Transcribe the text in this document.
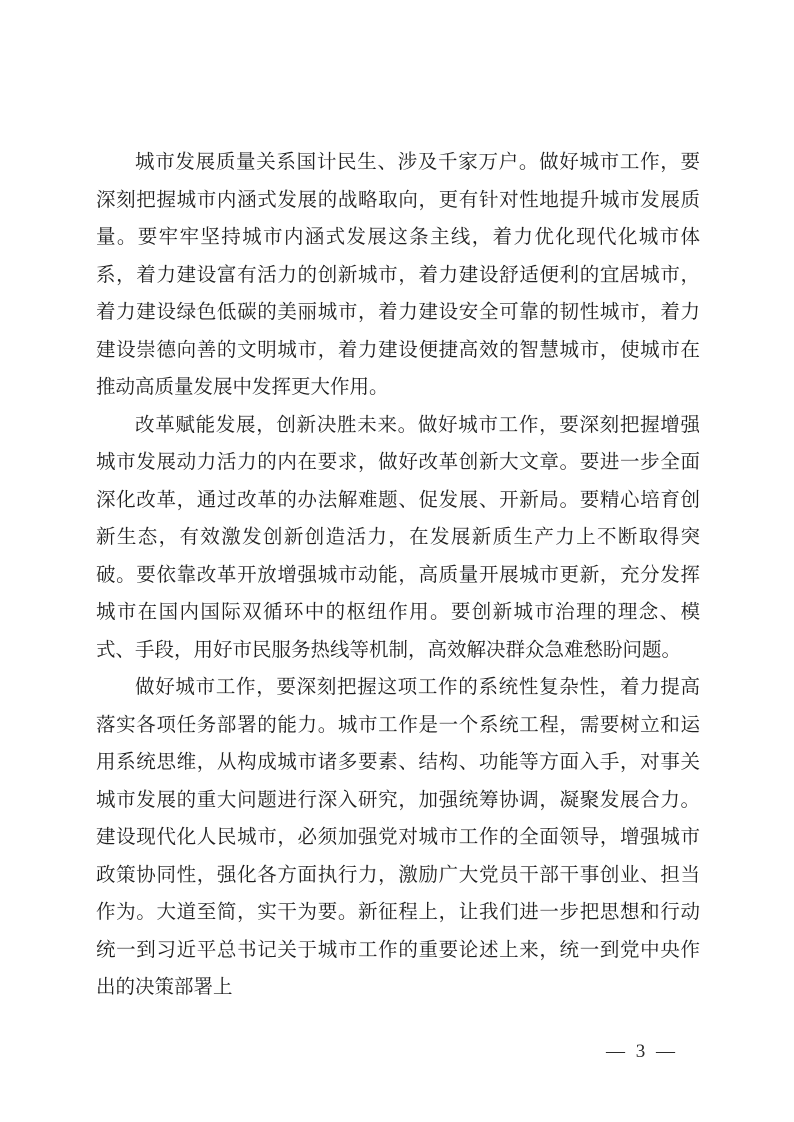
城市发展质量关系国计民生、涉及千家万户。做好城市工作，要深刻把握城市内涵式发展的战略取向，更有针对性地提升城市发展质量。要牢牢坚持城市内涵式发展这条主线，着力优化现代化城市体系，着力建设富有活力的创新城市，着力建设舒适便利的宜居城市，着力建设绿色低碳的美丽城市，着力建设安全可靠的韧性城市，着力建设崇德向善的文明城市，着力建设便捷高效的智慧城市，使城市在推动高质量发展中发挥更大作用。

改革赋能发展，创新决胜未来。做好城市工作，要深刻把握增强城市发展动力活力的内在要求，做好改革创新大文章。要进一步全面深化改革，通过改革的办法解难题、促发展、开新局。要精心培育创新生态，有效激发创新创造活力，在发展新质生产力上不断取得突破。要依靠改革开放增强城市动能，高质量开展城市更新，充分发挥城市在国内国际双循环中的枢纽作用。要创新城市治理的理念、模式、手段，用好市民服务热线等机制，高效解决群众急难愁盼问题。

做好城市工作，要深刻把握这项工作的系统性复杂性，着力提高落实各项任务部署的能力。城市工作是一个系统工程，需要树立和运用系统思维，从构成城市诸多要素、结构、功能等方面入手，对事关城市发展的重大问题进行深入研究，加强统筹协调，凝聚发展合力。建设现代化人民城市，必须加强党对城市工作的全面领导，增强城市政策协同性，强化各方面执行力，激励广大党员干部干事创业、担当作为。大道至简，实干为要。新征程上，让我们进一步把思想和行动统一到习近平总书记关于城市工作的重要论述上来，统一到党中央作出的决策部署上

— 3 —
